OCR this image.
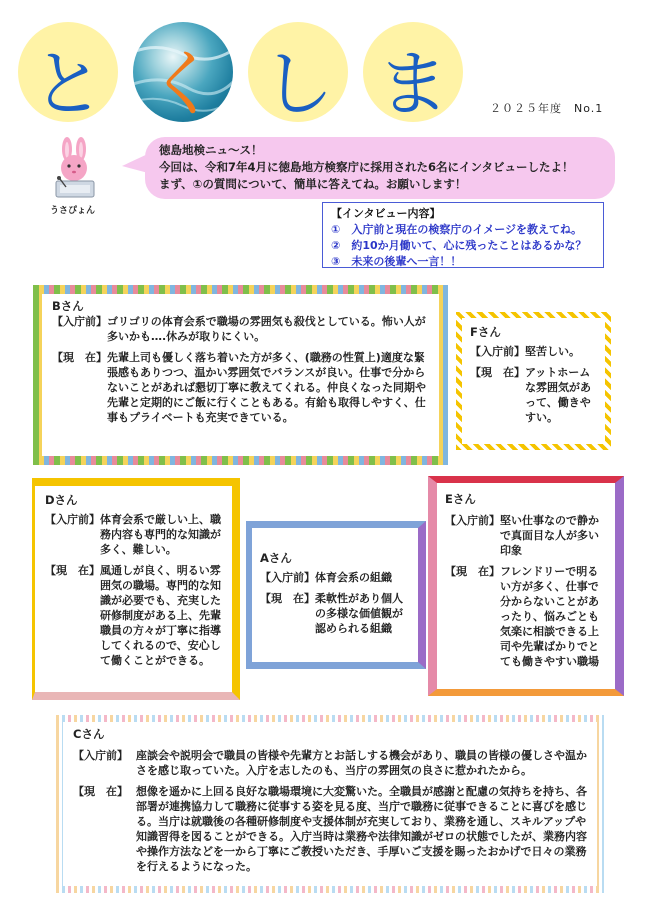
と く し ま	２０２５年度　No.1
うさぴょん
徳島地検ニュ～ス！
今回は、令和7年4月に徳島地方検察庁に採用された6名にインタビューしたよ！
まず、①の質問について、簡単に答えてね。お願いします！
【インタビュー内容】
①　入庁前と現在の検察庁のイメージを教えてね。
②　約10か月働いて、心に残ったことはあるかな？
③　未来の後輩へ一言！！
Bさん
【入庁前】 ゴリゴリの体育会系で職場の雰囲気も殺伐としている。怖い人が多いかも….休みが取りにくい。
【現　在】 先輩上司も優しく落ち着いた方が多く、(職務の性質上)適度な緊張感もありつつ、温かい雰囲気でバランスが良い。仕事で分からないことがあれば懇切丁寧に教えてくれる。仲良くなった同期や先輩と定期的にご飯に行くこともある。有給も取得しやすく、仕事もプライベートも充実できている。
Fさん
【入庁前】 堅苦しい。
【現　在】 アットホームな雰囲気があって、働きやすい。
Dさん
【入庁前】 体育会系で厳しい上、職務内容も専門的な知識が多く、難しい。
【現　在】 風通しが良く、明るい雰囲気の職場。専門的な知識が必要でも、充実した研修制度がある上、先輩職員の方々が丁寧に指導してくれるので、安心して働くことができる。
Aさん
【入庁前】 体育会系の組織
【現　在】 柔軟性があり個人の多様な価値観が認められる組織
Eさん
【入庁前】 堅い仕事なので静かで真面目な人が多い印象
【現　在】 フレンドリーで明るい方が多く、仕事で分からないことがあったり、悩みごとも気楽に相談できる上司や先輩ばかりでとても働きやすい職場
Cさん
【入庁前】 座談会や説明会で職員の皆様や先輩方とお話しする機会があり、職員の皆様の優しさや温かさを感じ取っていた。入庁を志したのも、当庁の雰囲気の良さに惹かれたから。
【現　在】 想像を遥かに上回る良好な職場環境に大変驚いた。全職員が感謝と配慮の気持ちを持ち、各部署が連携協力して職務に従事する姿を見る度、当庁で職務に従事できることに喜びを感じる。当庁は就職後の各種研修制度や支援体制が充実しており、業務を通し、スキルアップや知識習得を図ることができる。入庁当時は業務や法律知識がゼロの状態でしたが、業務内容や操作方法などを一から丁寧にご教授いただき、手厚いご支援を賜ったおかげで日々の業務を行えるようになった。
